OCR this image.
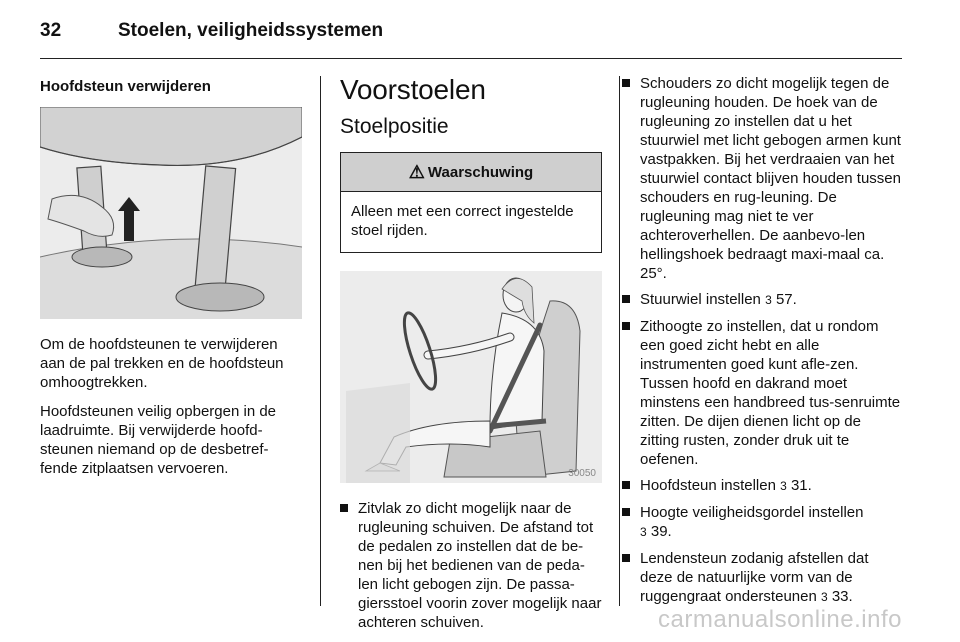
32	Stoelen, veiligheidssystemen
Hoofdsteun verwijderen

Om de hoofdsteunen te verwijderen aan de pal trekken en de hoofdsteun omhoogtrekken.

Hoofdsteunen veilig opbergen in de laadruimte. Bij verwijderde hoofd-steunen niemand op de desbetref-fende zitplaatsen vervoeren.

Voorstoelen
Stoelpositie
⚠ Waarschuwing
Alleen met een correct ingestelde stoel rijden.
30050
Zitvlak zo dicht mogelijk naar de rugleuning schuiven. De afstand tot de pedalen zo instellen dat de be-nen bij het bedienen van de peda-len licht gebogen zijn. De passa-giersstoel voorin zover mogelijk naar achteren schuiven.
Schouders zo dicht mogelijk tegen de rugleuning houden. De hoek van de rugleuning zo instellen dat u het stuurwiel met licht gebogen armen kunt vastpakken. Bij het verdraaien van het stuurwiel contact blijven houden tussen schouders en rug-leuning. De rugleuning mag niet te ver achteroverhellen. De aanbevo-len hellingshoek bedraagt maxi-maal ca. 25°.
Stuurwiel instellen 3 57.
Zithoogte zo instellen, dat u rondom een goed zicht hebt en alle instrumenten goed kunt afle-zen. Tussen hoofd en dakrand moet minstens een handbreed tus-senruimte zitten. De dijen dienen licht op de zitting rusten, zonder druk uit te oefenen.
Hoofdsteun instellen 3 31.
Hoogte veiligheidsgordel instellen
3 39.
Lendensteun zodanig afstellen dat deze de natuurlijke vorm van de ruggengraat ondersteunen 3 33.
carmanualsonline.info
